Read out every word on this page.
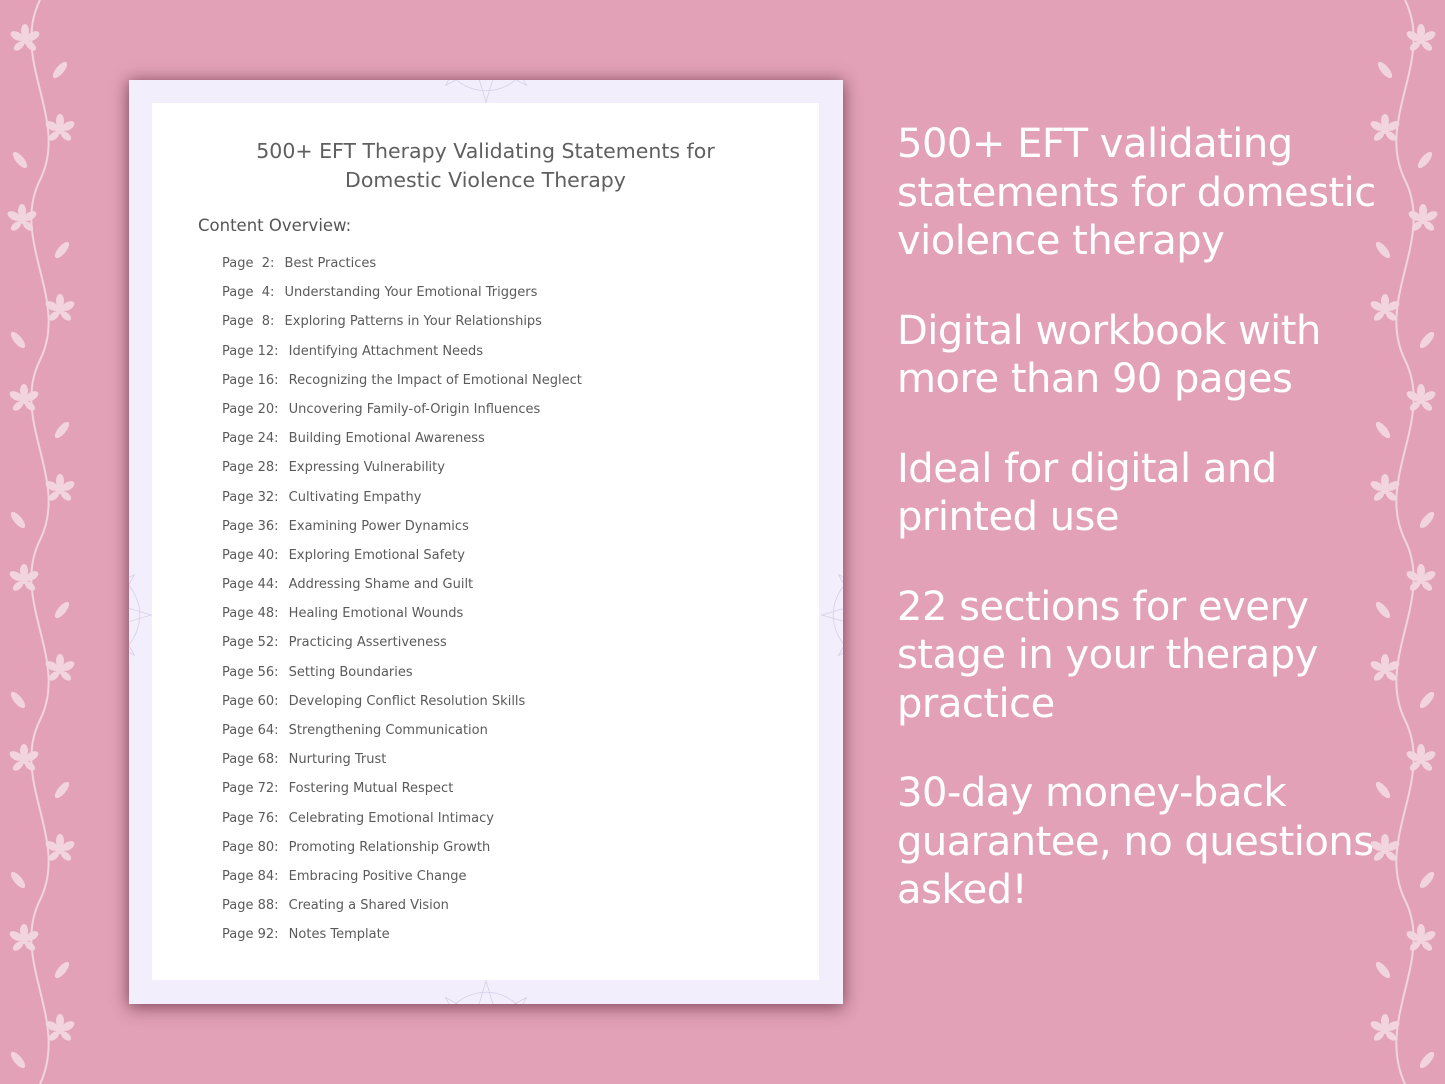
500+ EFT Therapy Validating Statements for
Domestic Violence Therapy
Content Overview:
Page  2: Best Practices
Page  4: Understanding Your Emotional Triggers
Page  8: Exploring Patterns in Your Relationships
Page 12: Identifying Attachment Needs
Page 16: Recognizing the Impact of Emotional Neglect
Page 20: Uncovering Family-of-Origin Influences
Page 24: Building Emotional Awareness
Page 28: Expressing Vulnerability
Page 32: Cultivating Empathy
Page 36: Examining Power Dynamics
Page 40: Exploring Emotional Safety
Page 44: Addressing Shame and Guilt
Page 48: Healing Emotional Wounds
Page 52: Practicing Assertiveness
Page 56: Setting Boundaries
Page 60: Developing Conflict Resolution Skills
Page 64: Strengthening Communication
Page 68: Nurturing Trust
Page 72: Fostering Mutual Respect
Page 76: Celebrating Emotional Intimacy
Page 80: Promoting Relationship Growth
Page 84: Embracing Positive Change
Page 88: Creating a Shared Vision
Page 92: Notes Template

500+ EFT validating statements for domestic violence therapy

Digital workbook with more than 90 pages

Ideal for digital and printed use

22 sections for every stage in your therapy practice

30-day money-back guarantee, no questions asked!
